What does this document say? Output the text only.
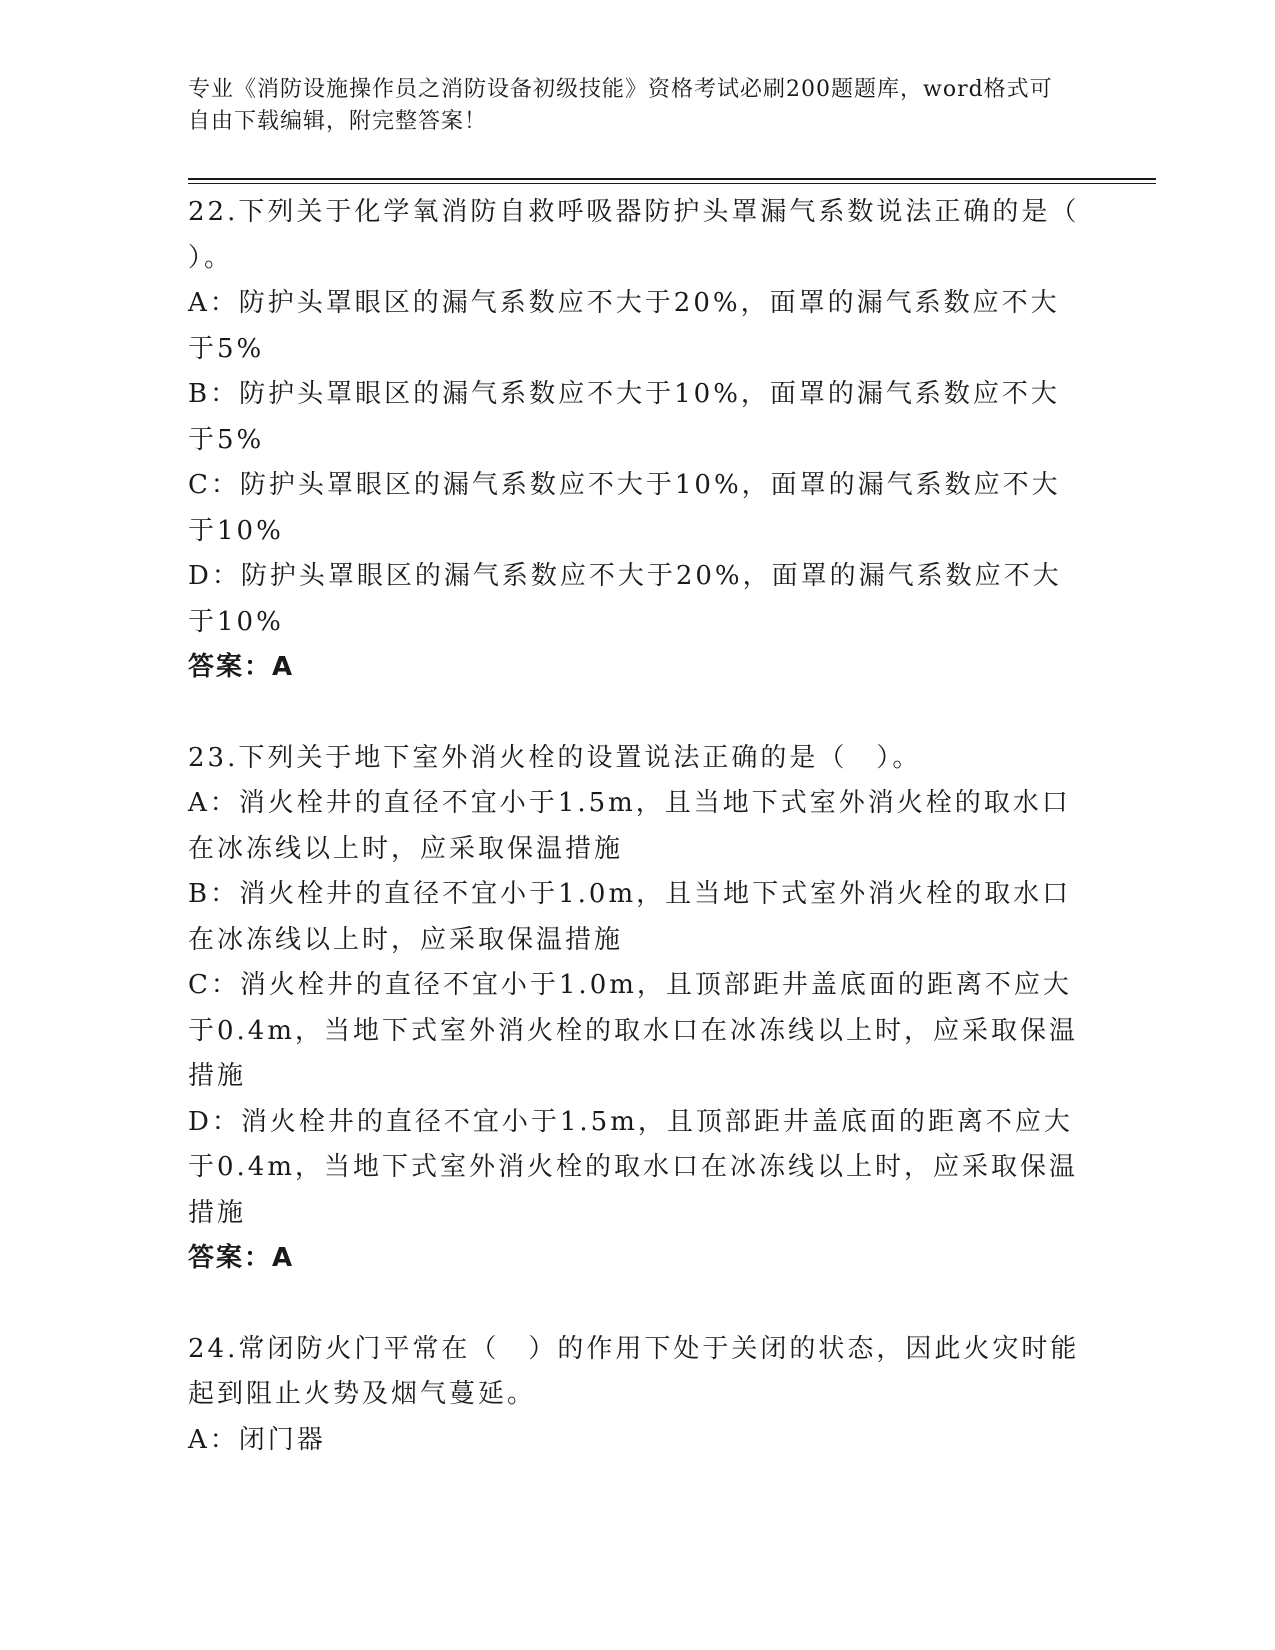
专业《消防设施操作员之消防设备初级技能》资格考试必刷200题题库，word格式可自由下载编辑，附完整答案！

22.下列关于化学氧消防自救呼吸器防护头罩漏气系数说法正确的是（ ）。

A：防护头罩眼区的漏气系数应不大于20%，面罩的漏气系数应不大于5%

B：防护头罩眼区的漏气系数应不大于10%，面罩的漏气系数应不大于5%

C：防护头罩眼区的漏气系数应不大于10%，面罩的漏气系数应不大于10%

D：防护头罩眼区的漏气系数应不大于20%，面罩的漏气系数应不大于10%

答案：A

23.下列关于地下室外消火栓的设置说法正确的是（　）。

A：消火栓井的直径不宜小于1.5m，且当地下式室外消火栓的取水口在冰冻线以上时，应采取保温措施

B：消火栓井的直径不宜小于1.0m，且当地下式室外消火栓的取水口在冰冻线以上时，应采取保温措施

C：消火栓井的直径不宜小于1.0m，且顶部距井盖底面的距离不应大于0.4m，当地下式室外消火栓的取水口在冰冻线以上时，应采取保温措施

D：消火栓井的直径不宜小于1.5m，且顶部距井盖底面的距离不应大于0.4m，当地下式室外消火栓的取水口在冰冻线以上时，应采取保温措施

答案：A

24.常闭防火门平常在（　）的作用下处于关闭的状态，因此火灾时能起到阻止火势及烟气蔓延。

A：闭门器
